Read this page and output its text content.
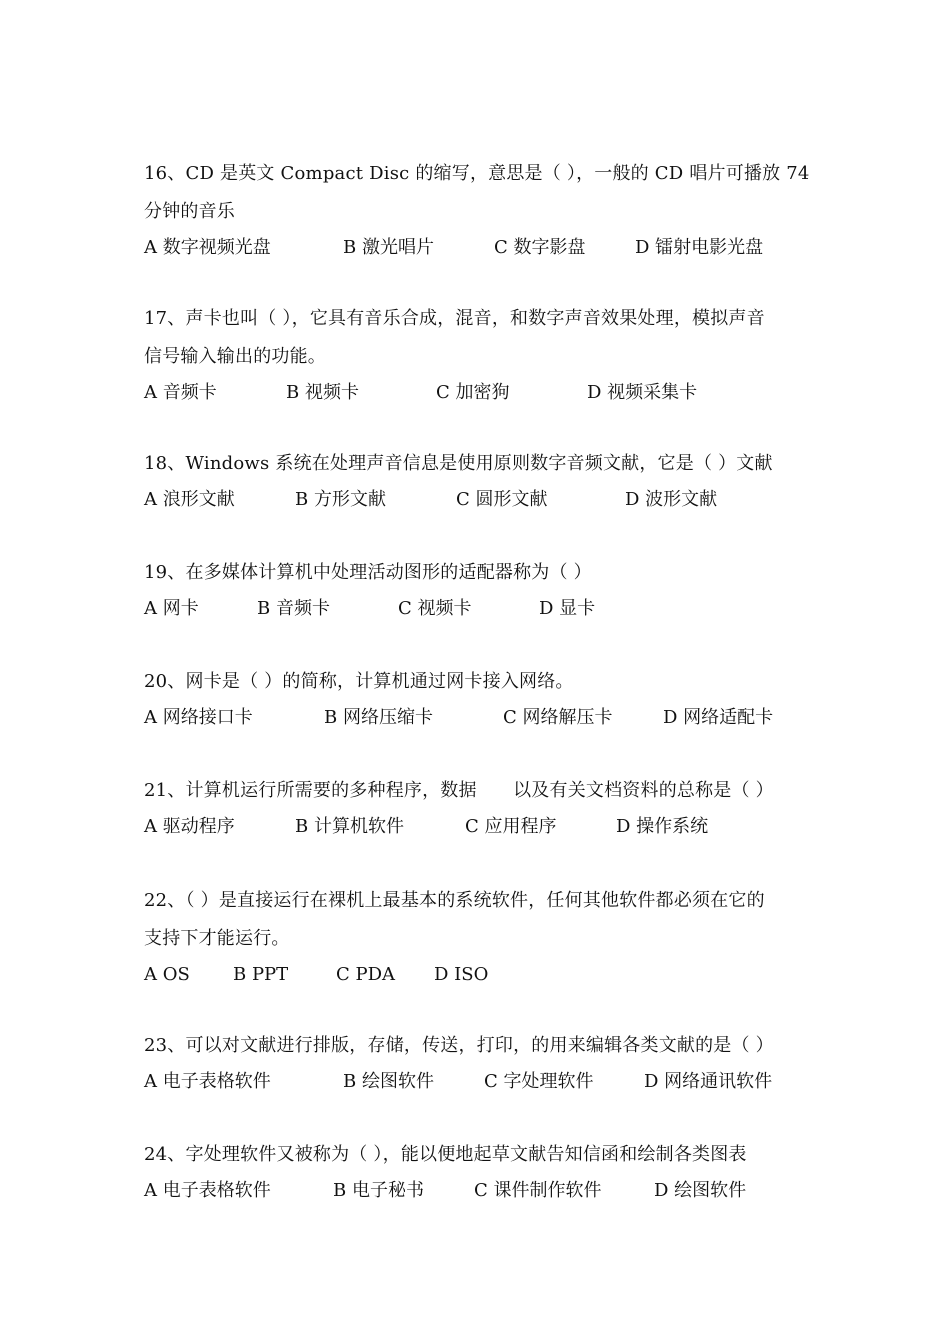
16、CD 是英文 Compact Disc 的缩写，意思是（ ），一般的 CD 唱片可播放 74
分钟的音乐
A 数字视频光盘	B 激光唱片	C 数字影盘	D 镭射电影光盘
17、声卡也叫（ ），它具有音乐合成，混音，和数字声音效果处理，模拟声音
信号输入输出的功能。
A 音频卡	B 视频卡	C 加密狗	D 视频采集卡
18、Windows 系统在处理声音信息是使用原则数字音频文献，它是（ ）文献
A 浪形文献	B 方形文献	C 圆形文献	D 波形文献
19、在多媒体计算机中处理活动图形的适配器称为（ ）
A 网卡	B 音频卡	C 视频卡	D 显卡
20、网卡是（ ）的简称，计算机通过网卡接入网络。
A 网络接口卡	B 网络压缩卡	C 网络解压卡	D 网络适配卡
21、计算机运行所需要的多种程序，数据　　以及有关文档资料的总称是（ ）
A 驱动程序	B 计算机软件	C 应用程序	D 操作系统
22、（ ）是直接运行在裸机上最基本的系统软件，任何其他软件都必须在它的
支持下才能运行。
A OS B PPT	C PDA D ISO
23、可以对文献进行排版，存储，传送，打印，的用来编辑各类文献的是（ ）
A 电子表格软件	B 绘图软件	C 字处理软件	D 网络通讯软件
24、字处理软件又被称为（ ），能以便地起草文献告知信函和绘制各类图表
A 电子表格软件	B 电子秘书	C 课件制作软件	D 绘图软件
